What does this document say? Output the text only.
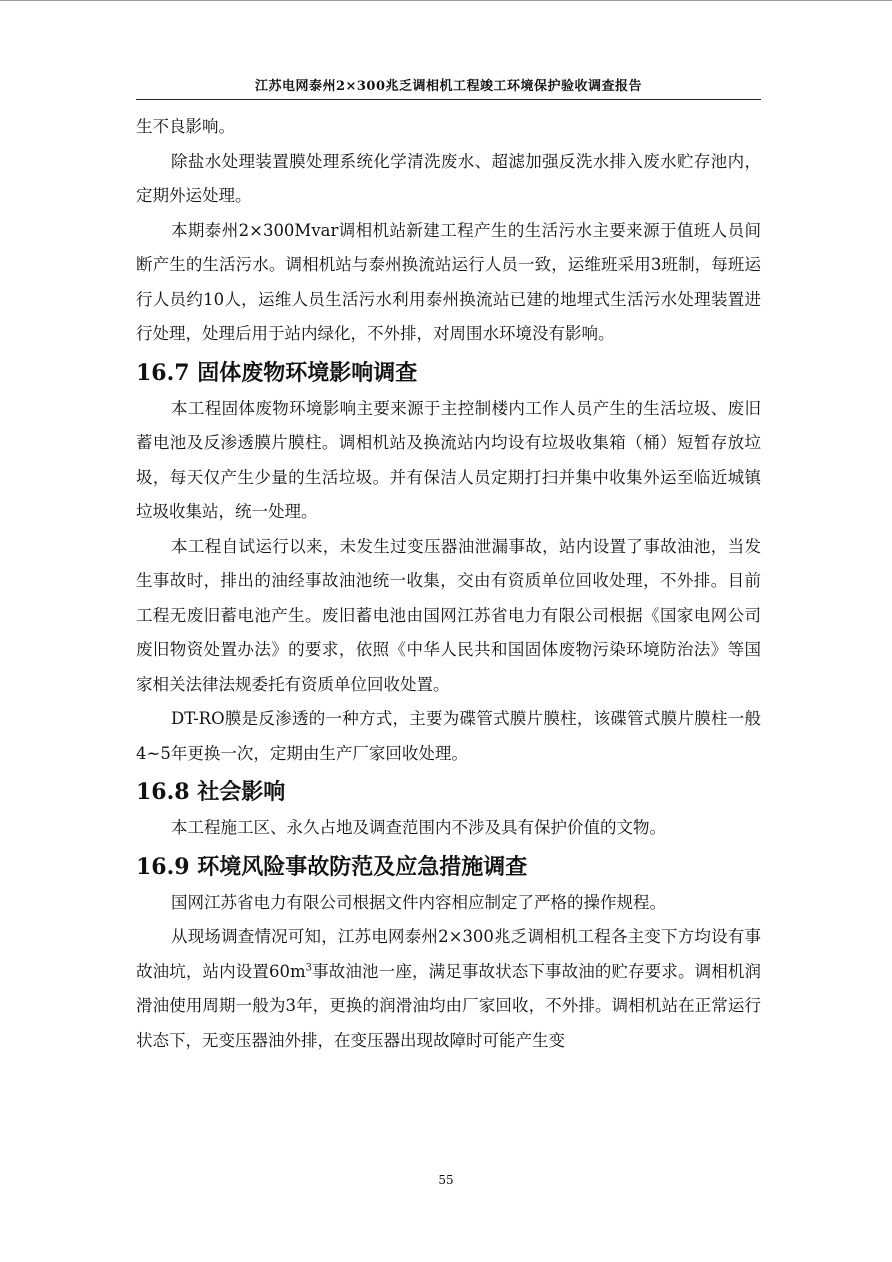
江苏电网泰州2×300兆乏调相机工程竣工环境保护验收调查报告

生不良影响。

除盐水处理装置膜处理系统化学清洗废水、超滤加强反洗水排入废水贮存池内，定期外运处理。

本期泰州2×300Mvar调相机站新建工程产生的生活污水主要来源于值班人员间断产生的生活污水。调相机站与泰州换流站运行人员一致，运维班采用3班制，每班运行人员约10人，运维人员生活污水利用泰州换流站已建的地埋式生活污水处理装置进行处理，处理后用于站内绿化，不外排，对周围水环境没有影响。

16.7 固体废物环境影响调查

本工程固体废物环境影响主要来源于主控制楼内工作人员产生的生活垃圾、废旧蓄电池及反渗透膜片膜柱。调相机站及换流站内均设有垃圾收集箱（桶）短暂存放垃圾，每天仅产生少量的生活垃圾。并有保洁人员定期打扫并集中收集外运至临近城镇垃圾收集站，统一处理。

本工程自试运行以来，未发生过变压器油泄漏事故，站内设置了事故油池，当发生事故时，排出的油经事故油池统一收集，交由有资质单位回收处理，不外排。目前工程无废旧蓄电池产生。废旧蓄电池由国网江苏省电力有限公司根据《国家电网公司废旧物资处置办法》的要求，依照《中华人民共和国固体废物污染环境防治法》等国家相关法律法规委托有资质单位回收处置。

DT-RO膜是反渗透的一种方式，主要为碟管式膜片膜柱，该碟管式膜片膜柱一般4~5年更换一次，定期由生产厂家回收处理。

16.8 社会影响

本工程施工区、永久占地及调查范围内不涉及具有保护价值的文物。

16.9 环境风险事故防范及应急措施调查

国网江苏省电力有限公司根据文件内容相应制定了严格的操作规程。

从现场调查情况可知，江苏电网泰州2×300兆乏调相机工程各主变下方均设有事故油坑，站内设置$60m^3$事故油池一座，满足事故状态下事故油的贮存要求。调相机润滑油使用周期一般为3年，更换的润滑油均由厂家回收，不外排。调相机站在正常运行状态下，无变压器油外排，在变压器出现故障时可能产生变

55
